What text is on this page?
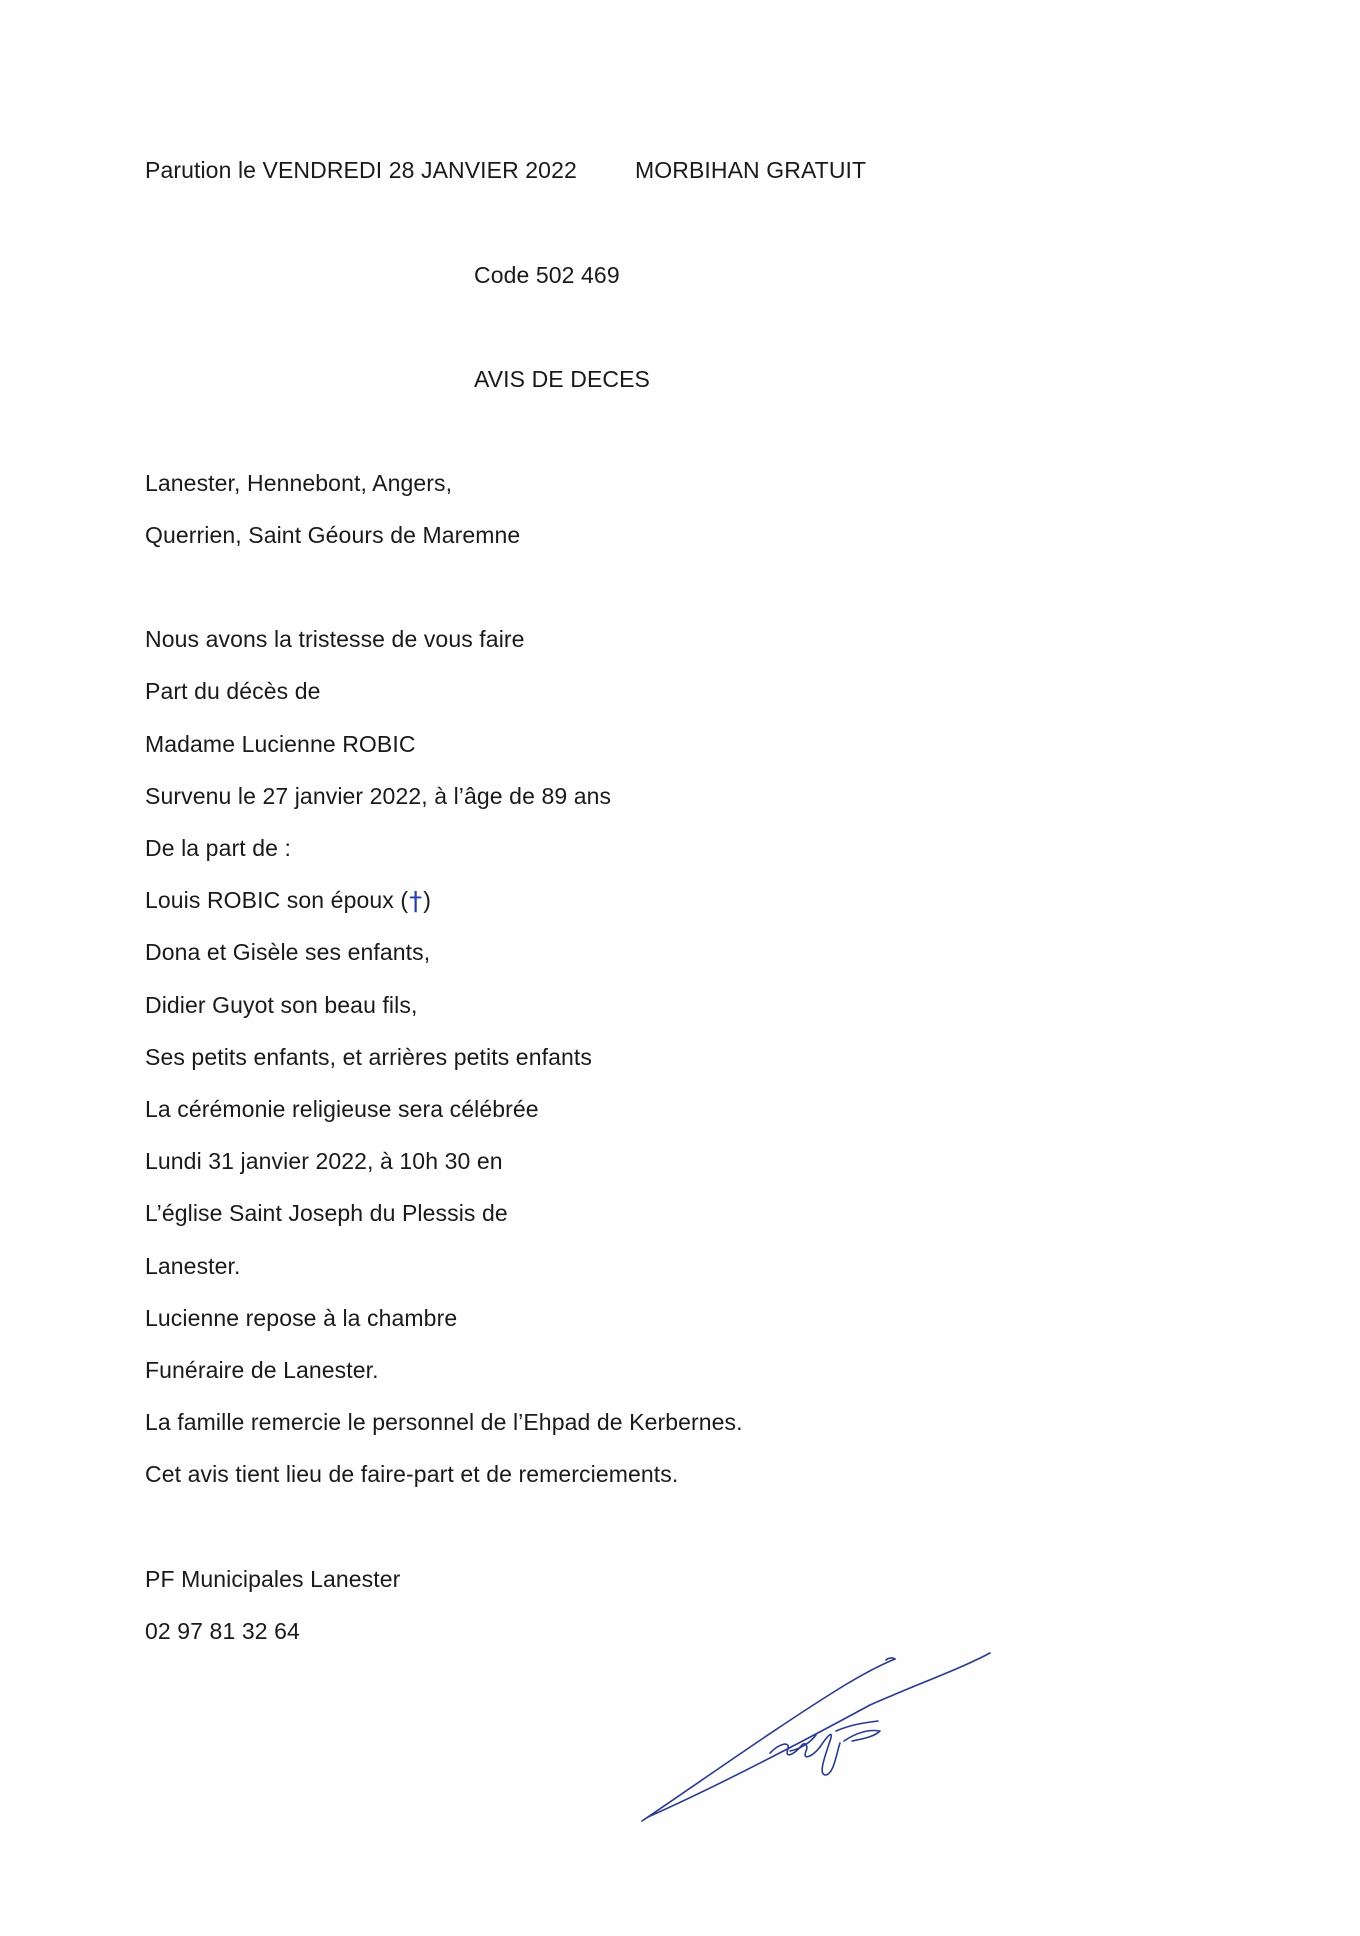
Parution le VENDREDI 28 JANVIER 2022	MORBIHAN GRATUIT
Code 502 469
AVIS DE DECES
Lanester, Hennebont, Angers,
Querrien, Saint Géours de Maremne
Nous avons la tristesse de vous faire
Part du décès de
Madame Lucienne ROBIC
Survenu le 27 janvier 2022, à l’âge de 89 ans
De la part de :
Louis ROBIC son époux (†)
Dona et Gisèle ses enfants,
Didier Guyot son beau fils,
Ses petits enfants, et arrières petits enfants
La cérémonie religieuse sera célébrée
Lundi 31 janvier 2022, à 10h 30 en
L’église Saint Joseph du Plessis de
Lanester.
Lucienne repose à la chambre
Funéraire de Lanester.
La famille remercie le personnel de l’Ehpad de Kerbernes.
Cet avis tient lieu de faire-part et de remerciements.
PF Municipales Lanester
02 97 81 32 64
